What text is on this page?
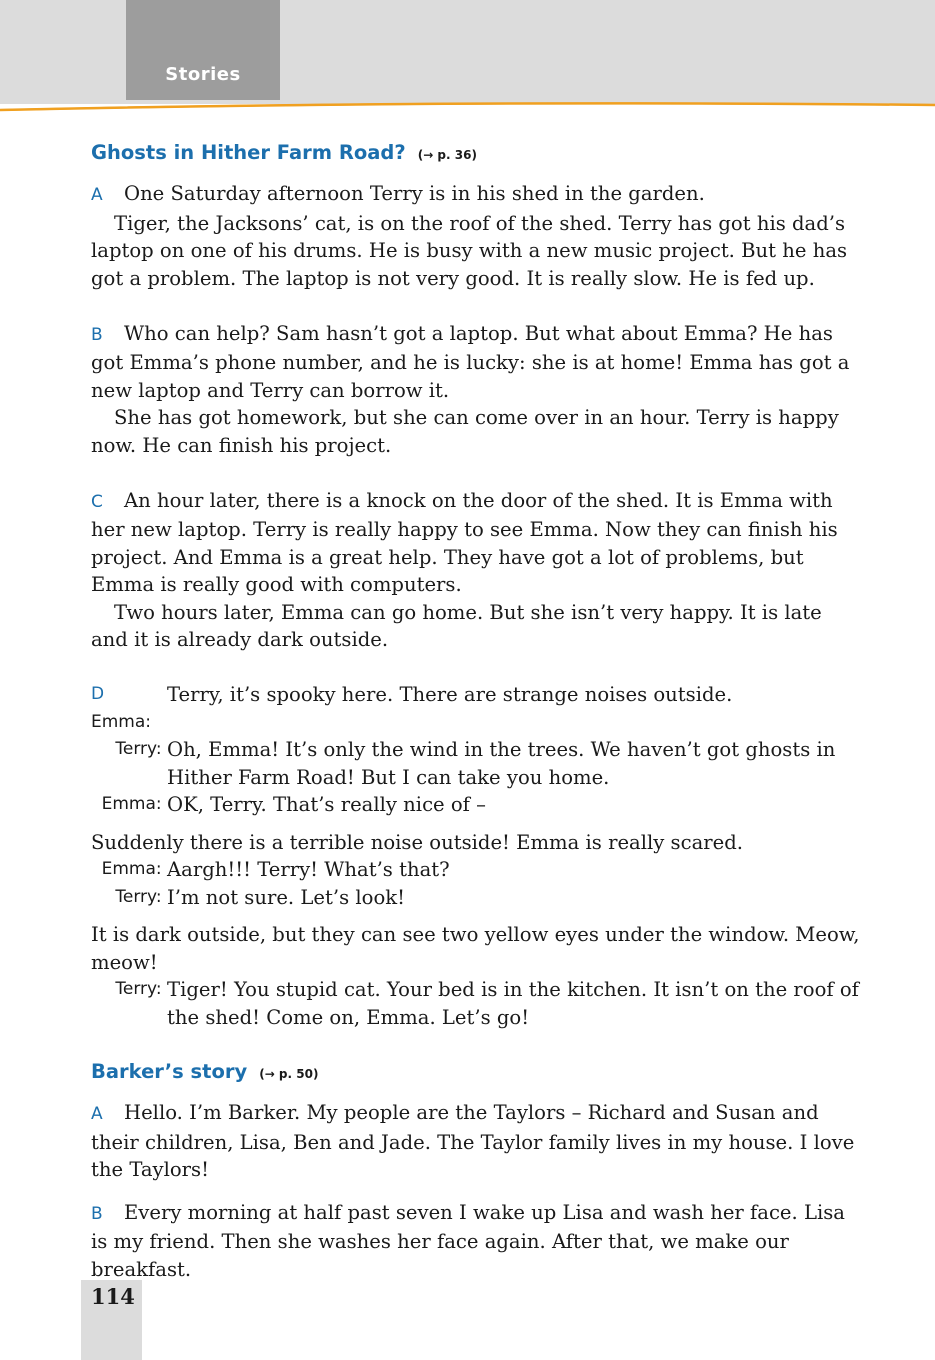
Stories
Ghosts in Hither Farm Road? (→ p. 36)

A One Saturday afternoon Terry is in his shed in the garden.

Tiger, the Jacksons’ cat, is on the roof of the shed. Terry has got his dad’s laptop on one of his drums. He is busy with a new music project. But he has got a problem. The laptop is not very good. It is really slow. He is fed up.

B Who can help? Sam hasn’t got a laptop. But what about Emma? He has got Emma’s phone number, and he is lucky: she is at home! Emma has got a new laptop and Terry can borrow it.

She has got homework, but she can come over in an hour. Terry is happy now. He can finish his project.

C An hour later, there is a knock on the door of the shed. It is Emma with her new laptop. Terry is really happy to see Emma. Now they can finish his project. And Emma is a great help. They have got a lot of problems, but Emma is really good with computers.

Two hours later, Emma can go home. But she isn’t very happy. It is late and it is already dark outside.

DEmma:
Terry, it’s spooky here. There are strange noises outside.
Terry: Oh, Emma! It’s only the wind in the trees. We haven’t got ghosts in Hither Farm Road! But I can take you home.
Emma: OK, Terry. That’s really nice of –

Suddenly there is a terrible noise outside! Emma is really scared.

Emma: Aargh!!! Terry! What’s that?
Terry: I’m not sure. Let’s look!

It is dark outside, but they can see two yellow eyes under the window. Meow, meow!

Terry: Tiger! You stupid cat. Your bed is in the kitchen. It isn’t on the roof of the shed! Come on, Emma. Let’s go!
Barker’s story (→ p. 50)

A Hello. I’m Barker. My people are the Taylors – Richard and Susan and their children, Lisa, Ben and Jade. The Taylor family lives in my house. I love the Taylors!

B Every morning at half past seven I wake up Lisa and wash her face. Lisa is my friend. Then she washes her face again. After that, we make our breakfast.

114
